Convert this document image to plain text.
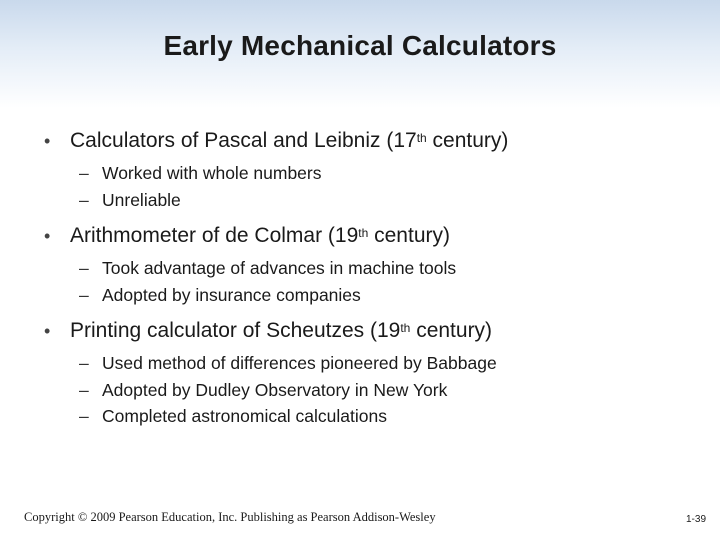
Early Mechanical Calculators
• Calculators of Pascal and Leibniz (17th century)
– Worked with whole numbers
– Unreliable
• Arithmometer of de Colmar (19th century)
– Took advantage of advances in machine tools
– Adopted by insurance companies
• Printing calculator of Scheutzes (19th century)
– Used method of differences pioneered by Babbage
– Adopted by Dudley Observatory in New York
– Completed astronomical calculations
Copyright © 2009 Pearson Education, Inc. Publishing as Pearson Addison-Wesley	1-39
